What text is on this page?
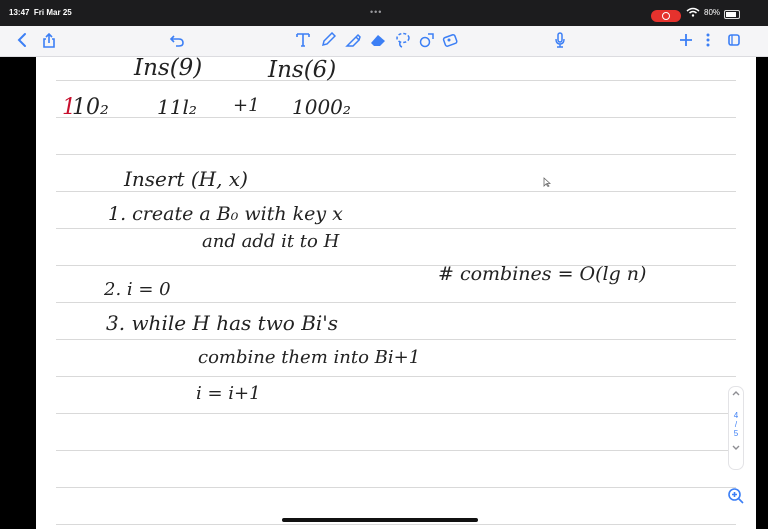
13:47 Fri Mar 25	•••	80%
Ins(9)	Ins(6)
1
10₂ 11l₂ +1 1000₂
Insert (H, x)
1. create a B₀ with key x
and add it to H
2. i = 0
3. while H has two Bi's
combine them into Bi+1
i = i+1
# combines = O(lg n)
4
/
5
